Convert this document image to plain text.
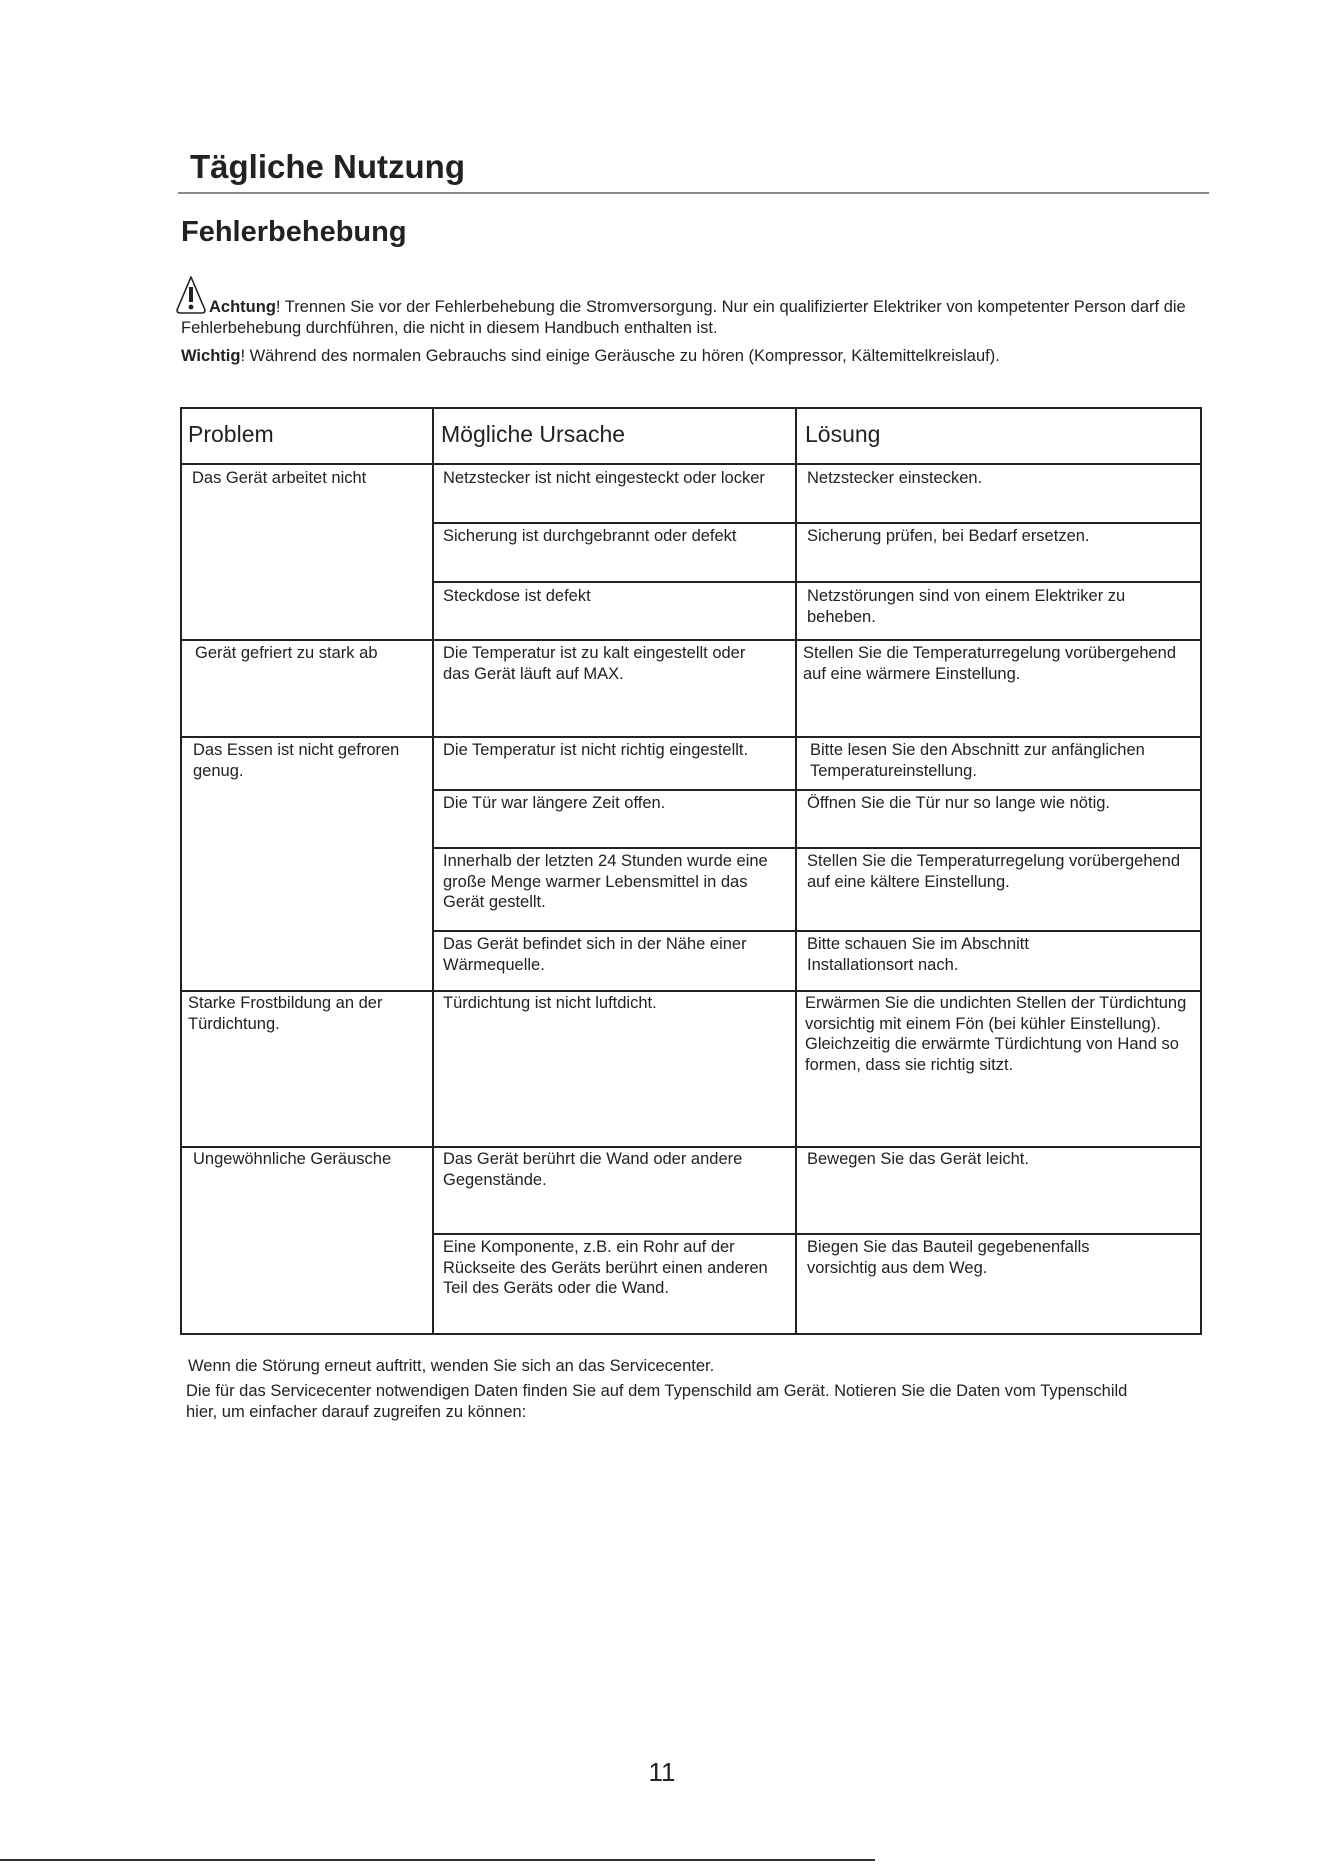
Tägliche Nutzung
Fehlerbehebung
Achtung! Trennen Sie vor der Fehlerbehebung die Stromversorgung. Nur ein qualifizierter Elektriker von kompetenter Person darf die Fehlerbehebung durchführen, die nicht in diesem Handbuch enthalten ist.
Wichtig! Während des normalen Gebrauchs sind einige Geräusche zu hören (Kompressor, Kältemittelkreislauf).
Problem	Mögliche Ursache	Lösung
Das Gerät arbeitet nicht
Gerät gefriert zu stark ab
Das Essen ist nicht gefroren genug.
Starke Frostbildung an der Türdichtung.
Ungewöhnliche Geräusche
Netzstecker ist nicht eingesteckt oder locker
Sicherung ist durchgebrannt oder defekt
Steckdose ist defekt
Die Temperatur ist zu kalt eingestellt oder das Gerät läuft auf MAX.
Die Temperatur ist nicht richtig eingestellt.
Die Tür war längere Zeit offen.
Innerhalb der letzten 24 Stunden wurde eine große Menge warmer Lebensmittel in das Gerät gestellt.
Das Gerät befindet sich in der Nähe einer Wärmequelle.
Türdichtung ist nicht luftdicht.
Das Gerät berührt die Wand oder andere Gegenstände.
Eine Komponente, z.B. ein Rohr auf der Rückseite des Geräts berührt einen anderen Teil des Geräts oder die Wand.
Netzstecker einstecken.
Sicherung prüfen, bei Bedarf ersetzen.
Netzstörungen sind von einem Elektriker zu beheben.
Stellen Sie die Temperaturregelung vorübergehend auf eine wärmere Einstellung.
Bitte lesen Sie den Abschnitt zur anfänglichen Temperatureinstellung.
Öffnen Sie die Tür nur so lange wie nötig.
Stellen Sie die Temperaturregelung vorübergehend auf eine kältere Einstellung.
Bitte schauen Sie im Abschnitt Installationsort nach.
Erwärmen Sie die undichten Stellen der Türdichtung vorsichtig mit einem Fön (bei kühler Einstellung). Gleichzeitig die erwärmte Türdichtung von Hand so formen, dass sie richtig sitzt.
Bewegen Sie das Gerät leicht.
Biegen Sie das Bauteil gegebenenfalls vorsichtig aus dem Weg.
Wenn die Störung erneut auftritt, wenden Sie sich an das Servicecenter.
Die für das Servicecenter notwendigen Daten finden Sie auf dem Typenschild am Gerät. Notieren Sie die Daten vom Typenschild hier, um einfacher darauf zugreifen zu können:
11
